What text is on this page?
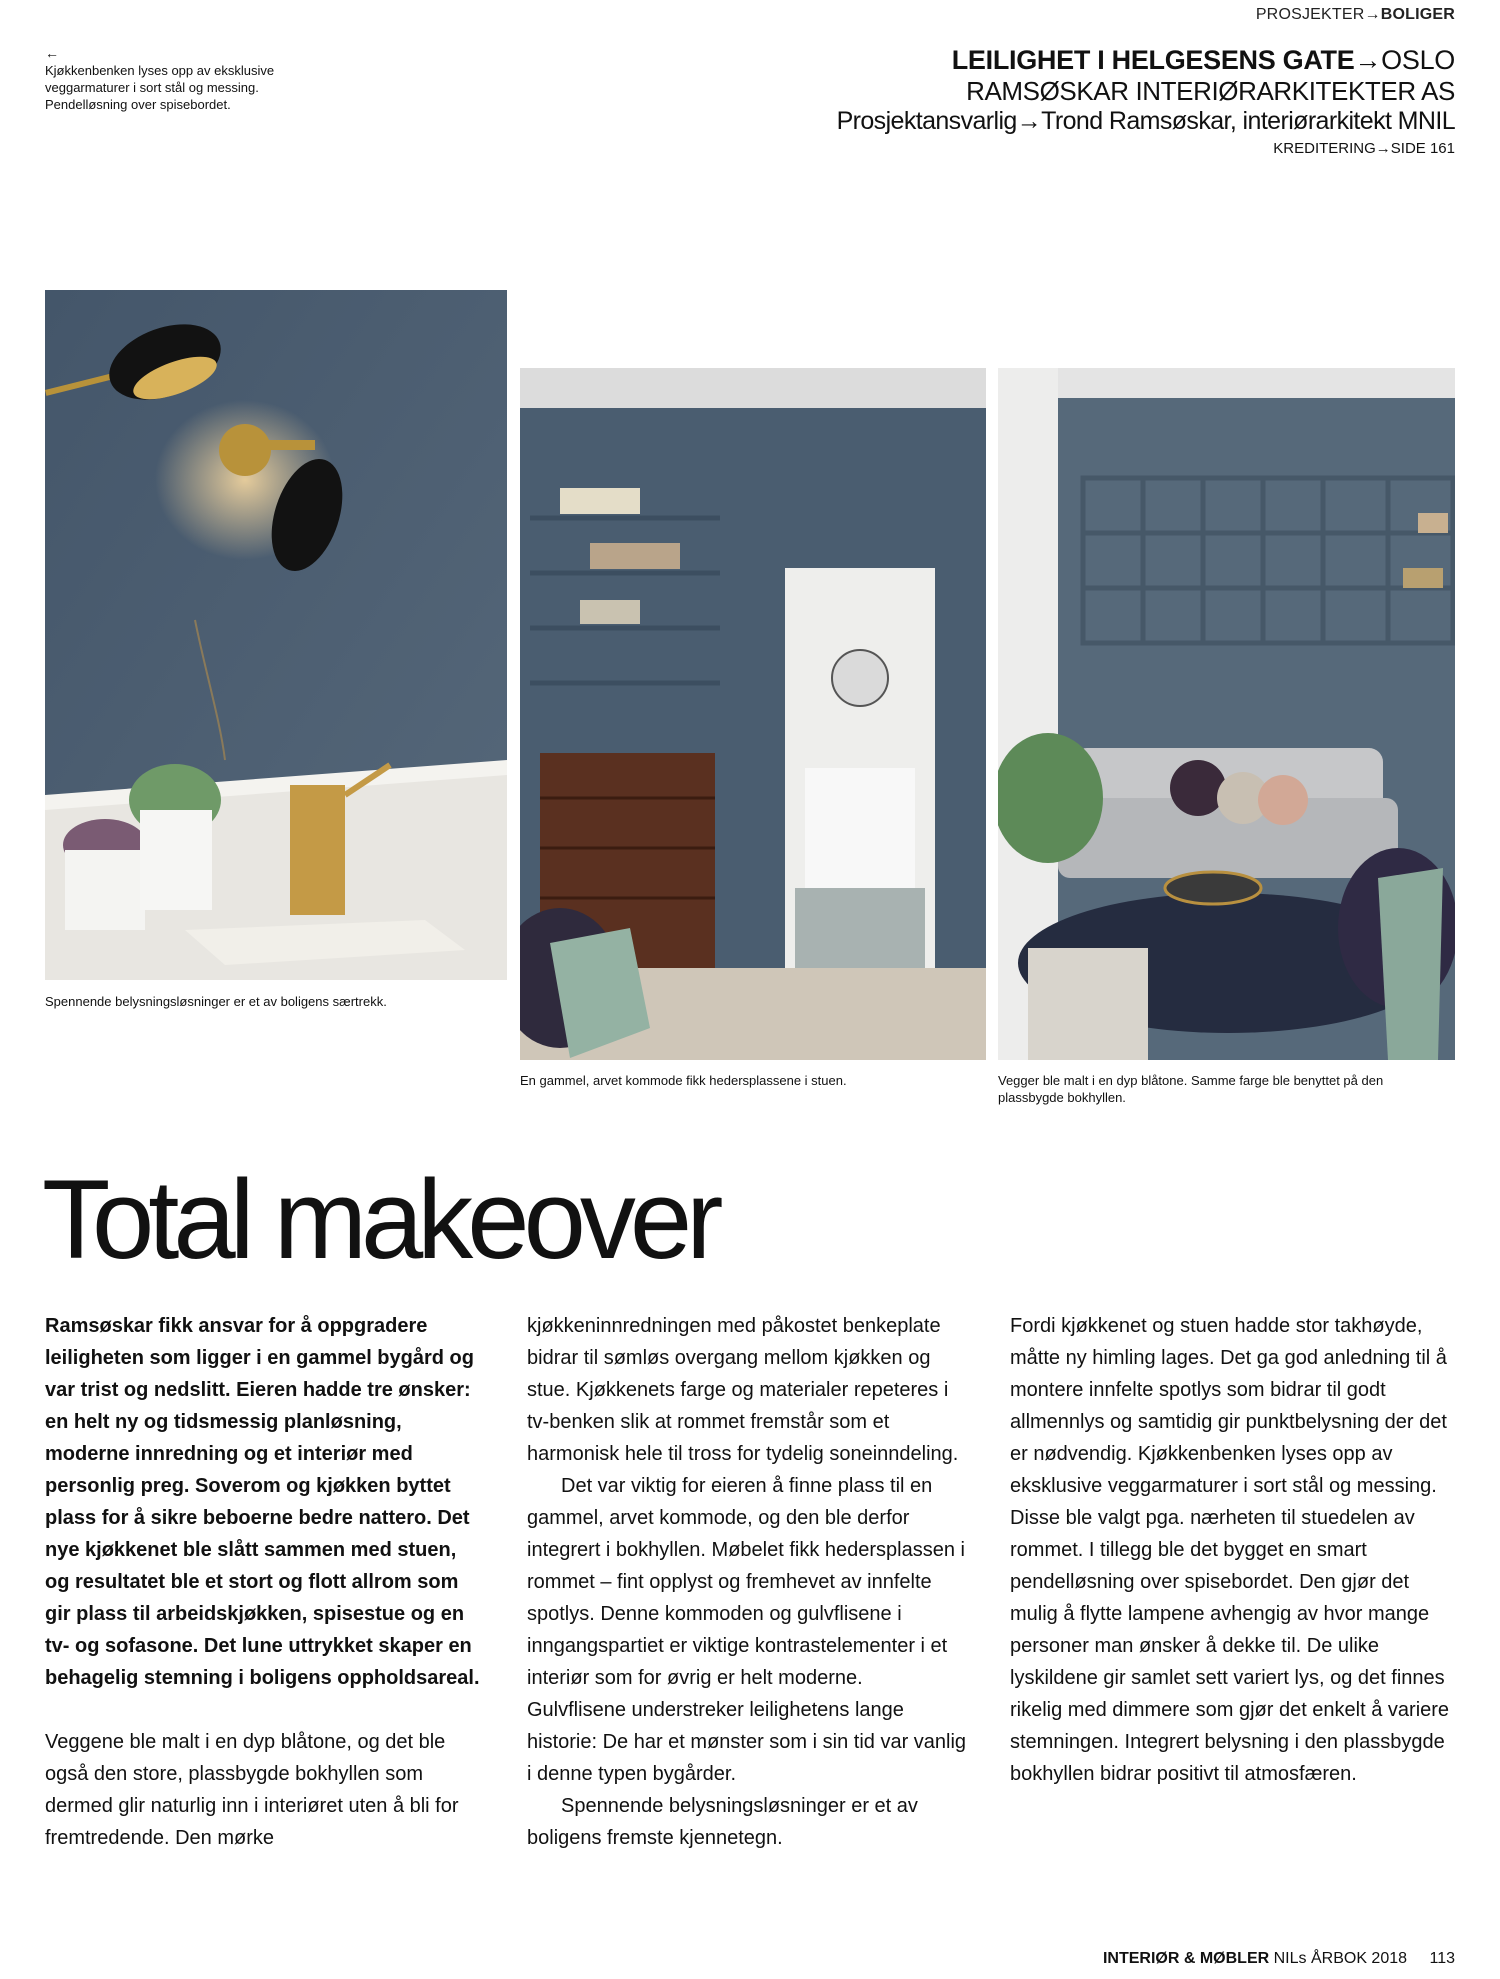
PROSJEKTER→BOLIGER
←
Kjøkkenbenken lyses opp av eksklusive veggarmaturer i sort stål og messing. Pendelløsning over spisebordet.
LEILIGHET I HELGESENS GATE→OSLO
RAMSØSKAR INTERIØRARKITEKTER AS
Prosjektansvarlig→Trond Ramsøskar, interiørarkitekt MNIL
KREDITERING→SIDE 161
Spennende belysningsløsninger er et av boligens særtrekk.
En gammel, arvet kommode fikk hedersplassene i stuen.	Vegger ble malt i en dyp blåtone. Samme farge ble benyttet på den plassbygde bokhyllen.
Total makeover

Ramsøskar fikk ansvar for å oppgradere leiligheten som ligger i en gammel bygård og var trist og nedslitt. Eieren hadde tre ønsker: en helt ny og tidsmessig planløsning, moderne innredning og et interiør med personlig preg. Soverom og kjøkken byttet plass for å sikre beboerne bedre nattero. Det nye kjøkkenet ble slått sammen med stuen, og resultatet ble et stort og flott allrom som gir plass til arbeidskjøkken, spisestue og en tv- og sofasone. Det lune uttrykket skaper en behagelig stemning i boligens oppholdsareal.

Veggene ble malt i en dyp blåtone, og det ble også den store, plassbygde bokhyllen som dermed glir naturlig inn i interiøret uten å bli for fremtredende. Den mørke

kjøkkeninnredningen med påkostet benkeplate bidrar til sømløs overgang mellom kjøkken og stue. Kjøkkenets farge og materialer repeteres i tv-benken slik at rommet fremstår som et harmonisk hele til tross for tydelig soneinndeling.

Det var viktig for eieren å finne plass til en gammel, arvet kommode, og den ble derfor integrert i bokhyllen. Møbelet fikk hedersplassen i rommet – fint opplyst og fremhevet av innfelte spotlys. Denne kommoden og gulvflisene i inngangspartiet er viktige kontrastelementer i et interiør som for øvrig er helt moderne. Gulvflisene understreker leilighetens lange historie: De har et mønster som i sin tid var vanlig i denne typen bygårder.

Spennende belysningsløsninger er et av boligens fremste kjennetegn.

Fordi kjøkkenet og stuen hadde stor takhøyde, måtte ny himling lages. Det ga god anledning til å montere innfelte spotlys som bidrar til godt allmennlys og samtidig gir punktbelysning der det er nødvendig. Kjøkkenbenken lyses opp av eksklusive veggarmaturer i sort stål og messing. Disse ble valgt pga. nærheten til stuedelen av rommet. I tillegg ble det bygget en smart pendelløsning over spisebordet. Den gjør det mulig å flytte lampene avhengig av hvor mange personer man ønsker å dekke til. De ulike lyskildene gir samlet sett variert lys, og det finnes rikelig med dimmere som gjør det enkelt å variere stemningen. Integrert belysning i den plassbygde bokhyllen bidrar positivt til atmosfæren.

INTERIØR & MØBLER NILs ÅRBOK 2018 113
